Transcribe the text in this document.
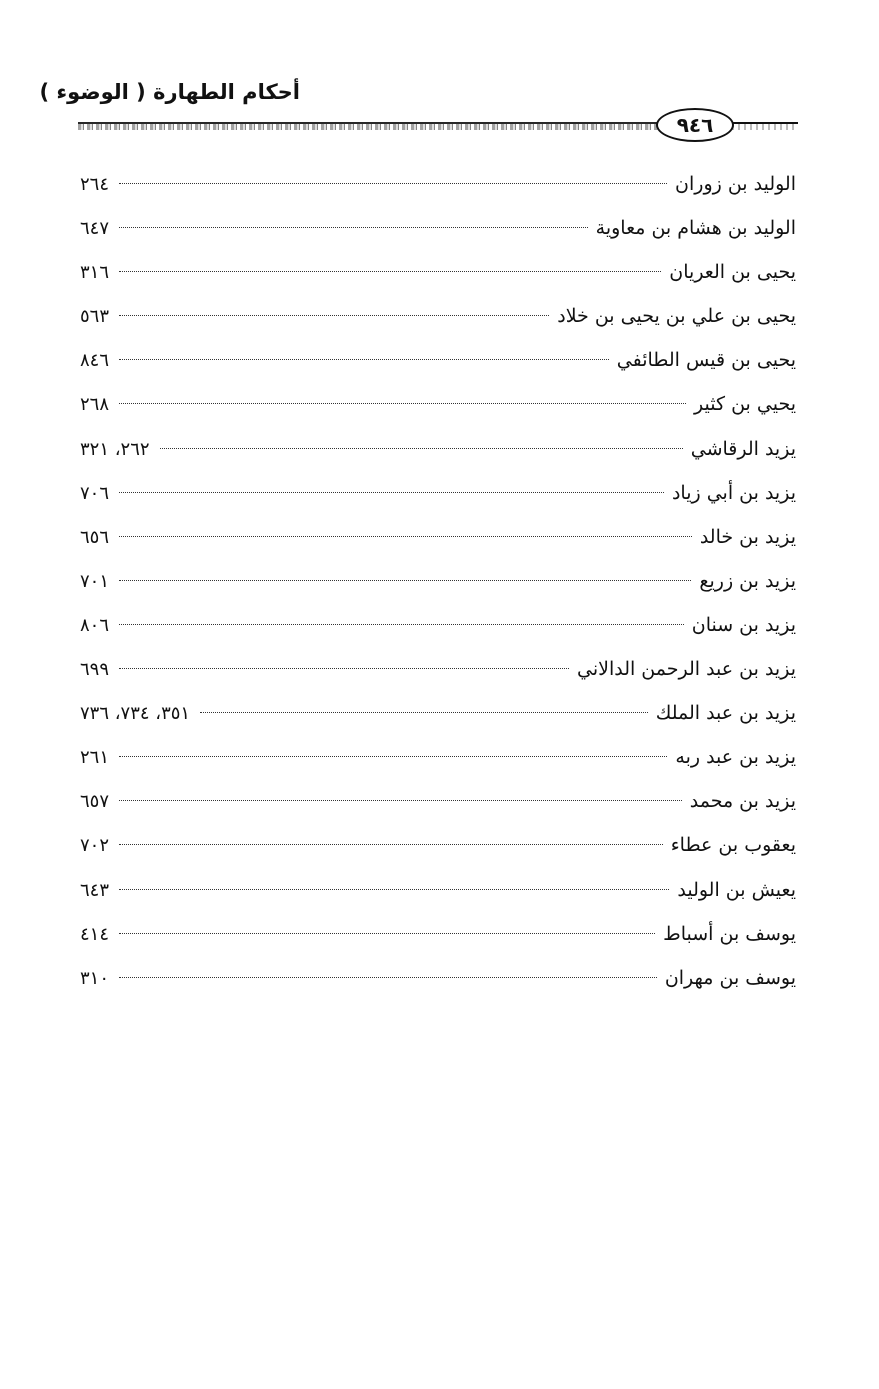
أحكام الطهارة ( الوضوء )
٩٤٦
الوليد بن زوران
٢٦٤
الوليد بن هشام بن معاوية
٦٤٧
يحيى بن العريان
٣١٦
يحيى بن علي بن يحيى بن خلاد
٥٦٣
يحيى بن قيس الطائفي
٨٤٦
يحيي بن كثير
٢٦٨
يزيد الرقاشي
٢٦٢، ٣٢١
يزيد بن أبي زياد
٧٠٦
يزيد بن خالد
٦٥٦
يزيد بن زريع
٧٠١
يزيد بن سنان
٨٠٦
يزيد بن عبد الرحمن الدالاني
٦٩٩
يزيد بن عبد الملك
٣٥١، ٧٣٤، ٧٣٦
يزيد بن عبد ربه
٢٦١
يزيد بن محمد
٦٥٧
يعقوب بن عطاء
٧٠٢
يعيش بن الوليد
٦٤٣
يوسف بن أسباط
٤١٤
يوسف بن مهران
٣١٠
